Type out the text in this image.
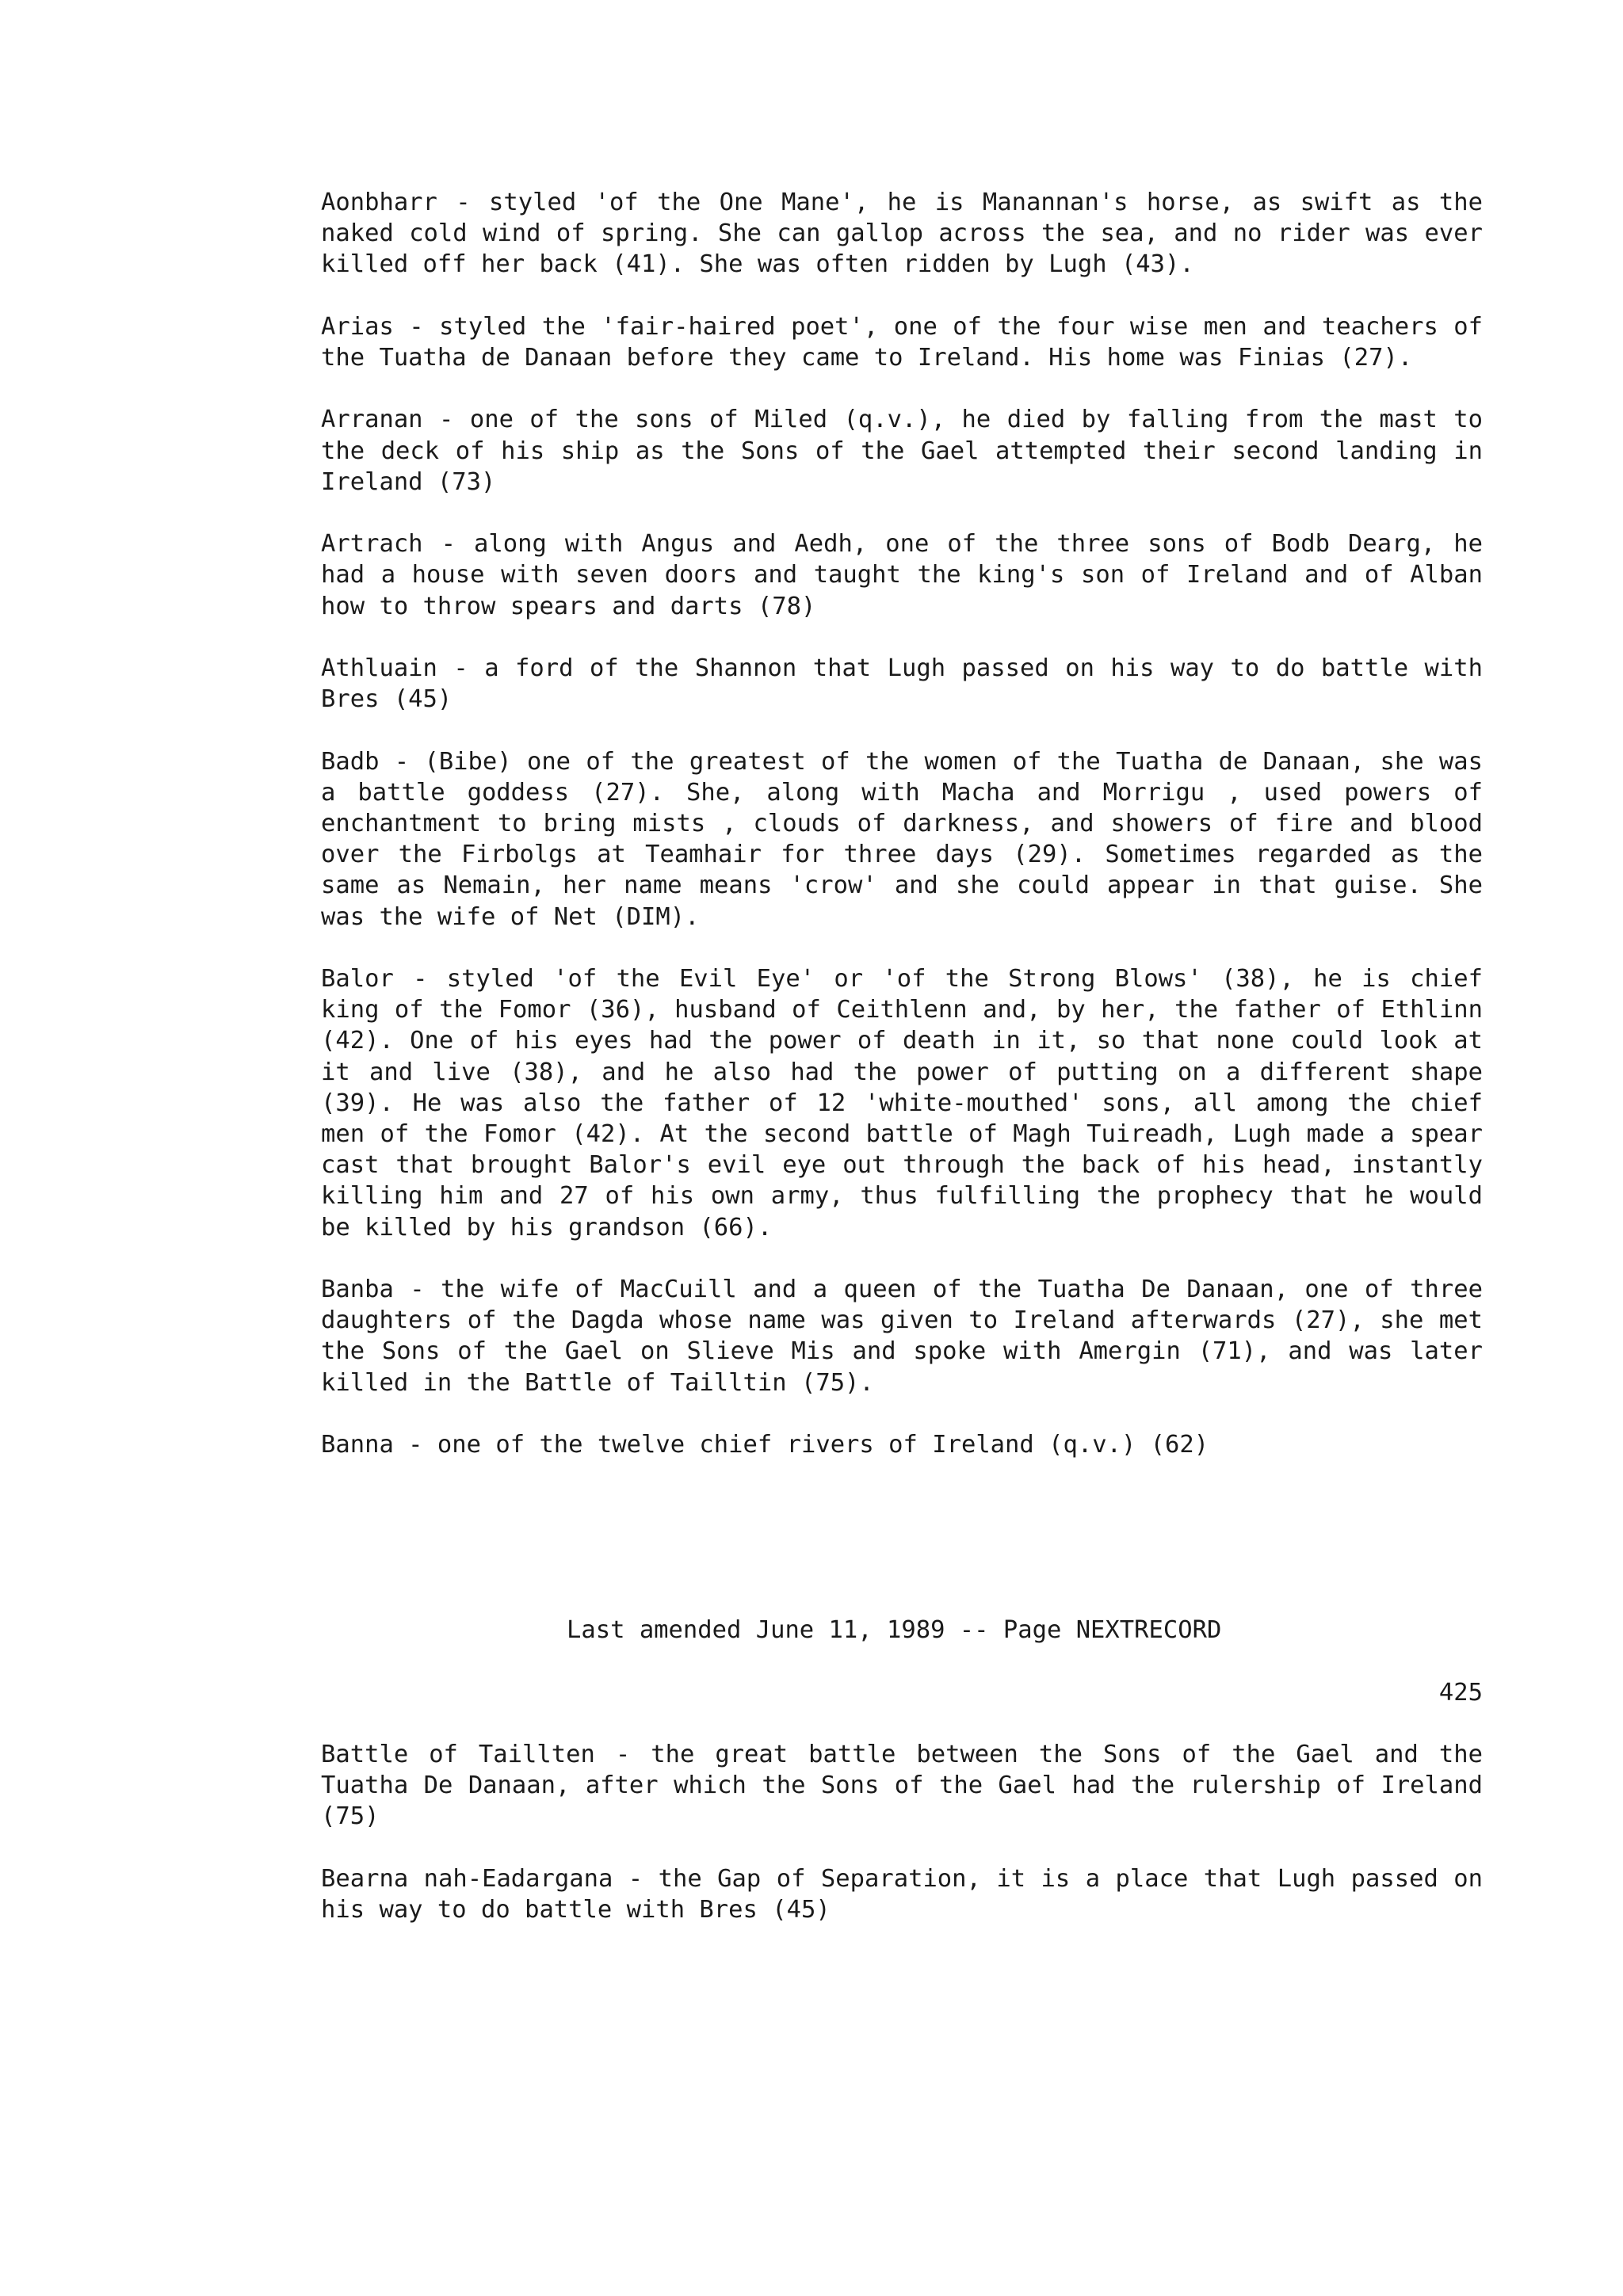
Aonbharr - styled 'of the One Mane', he is Manannan's horse, as swift as the naked cold wind of spring. She can gallop across the sea, and no rider was ever killed off her back (41). She was often ridden by Lugh (43).

Arias - styled the 'fair-haired poet', one of the four wise men and teachers of the Tuatha de Danaan before they came to Ireland. His home was Finias (27).

Arranan - one of the sons of Miled (q.v.), he died by falling from the mast to the deck of his ship as the Sons of the Gael attempted their second landing in Ireland (73)

Artrach - along with Angus and Aedh, one of the three sons of Bodb Dearg, he had a house with seven doors and taught the king's son of Ireland and of Alban how to throw spears and darts (78)

Athluain - a ford of the Shannon that Lugh passed on his way to do battle with Bres (45)

Badb - (Bibe) one of the greatest of the women of the Tuatha de Danaan, she was a battle goddess (27). She, along with Macha and Morrigu , used powers of enchantment to bring mists , clouds of darkness, and showers of fire and blood over the Firbolgs at Teamhair for three days (29). Sometimes regarded as the same as Nemain, her name means 'crow' and she could appear in that guise. She was the wife of Net (DIM).

Balor - styled 'of the Evil Eye' or 'of the Strong Blows' (38), he is chief king of the Fomor (36), husband of Ceithlenn and, by her, the father of Ethlinn (42). One of his eyes had the power of death in it, so that none could look at it and live (38), and he also had the power of putting on a different shape (39). He was also the father of 12 'white-mouthed' sons, all among the chief men of the Fomor (42). At the second battle of Magh Tuireadh, Lugh made a spear cast that brought Balor's evil eye out through the back of his head, instantly killing him and 27 of his own army, thus fulfilling the prophecy that he would be killed by his grandson (66).

Banba - the wife of MacCuill and a queen of the Tuatha De Danaan, one of three daughters of the Dagda whose name was given to Ireland afterwards (27), she met the Sons of the Gael on Slieve Mis and spoke with Amergin (71), and was later killed in the Battle of Tailltin (75).

Banna - one of the twelve chief rivers of Ireland (q.v.) (62)

Last amended June 11, 1989 -- Page NEXTRECORD

425

Battle of Taillten - the great battle between the Sons of the Gael and the Tuatha De Danaan, after which the Sons of the Gael had the rulership of Ireland (75)

Bearna nah-Eadargana - the Gap of Separation, it is a place that Lugh passed on his way to do battle with Bres (45)
